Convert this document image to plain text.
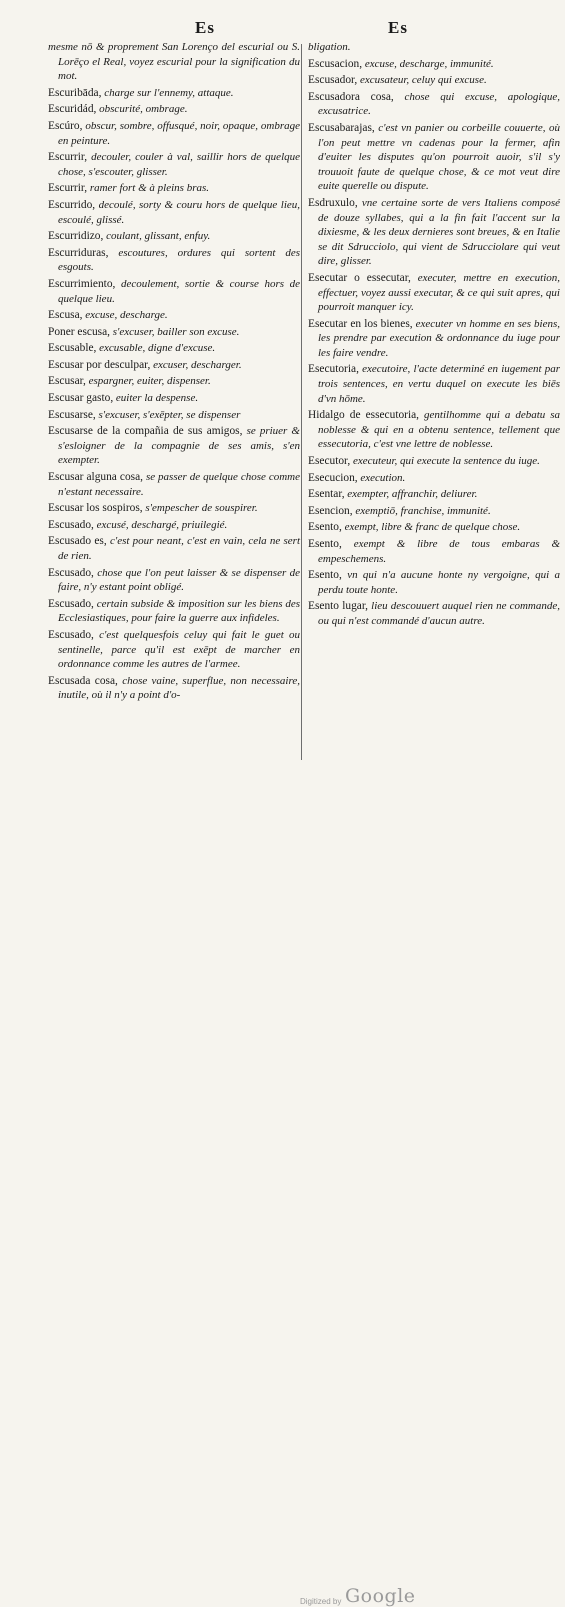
Es	Es

mesme nō & proprement San Lorenço del escurial ou S. Lorēço el Real, voyez escurial pour la signification du mot.

Escuribāda, charge sur l'ennemy, attaque.

Escuridád, obscurité, ombrage.

Escúro, obscur, sombre, offusqué, noir, opaque, ombrage en peinture.

Escurrir, decouler, couler à val, saillir hors de quelque chose, s'escouter, glisser.

Escurrir, ramer fort & à pleins bras.

Escurrido, decoulé, sorty & couru hors de quelque lieu, escoulé, glissé.

Escurridizo, coulant, glissant, enfuy.

Escurriduras, escoutures, ordures qui sortent des esgouts.

Escurrimiento, decoulement, sortie & course hors de quelque lieu.

Escusa, excuse, descharge.

Poner escusa, s'excuser, bailler son excuse.

Escusable, excusable, digne d'excuse.

Escusar por desculpar, excuser, descharger.

Escusar, espargner, euiter, dispenser.

Escusar gasto, euiter la despense.

Escusarse, s'excuser, s'exēpter, se dispenser

Escusarse de la compañia de sus amigos, se priuer & s'esloigner de la compagnie de ses amis, s'en exempter.

Escusar alguna cosa, se passer de quelque chose comme n'estant necessaire.

Escusar los sospiros, s'empescher de souspirer.

Escusado, excusé, deschargé, priuilegié.

Escusado es, c'est pour neant, c'est en vain, cela ne sert de rien.

Escusado, chose que l'on peut laisser & se dispenser de faire, n'y estant point obligé.

Escusado, certain subside & imposition sur les biens des Ecclesiastiques, pour faire la guerre aux infideles.

Escusado, c'est quelquesfois celuy qui fait le guet ou sentinelle, parce qu'il est exēpt de marcher en ordonnance comme les autres de l'armee.

Escusada cosa, chose vaine, superflue, non necessaire, inutile, où il n'y a point d'o-

bligation.

Escusacion, excuse, descharge, immunité.

Escusador, excusateur, celuy qui excuse.

Escusadora cosa, chose qui excuse, apologique, excusatrice.

Escusabarajas, c'est vn panier ou corbeille couuerte, où l'on peut mettre vn cadenas pour la fermer, afin d'euiter les disputes qu'on pourroit auoir, s'il s'y trouuoit faute de quelque chose, & ce mot veut dire euite querelle ou dispute.

Esdruxulo, vne certaine sorte de vers Italiens composé de douze syllabes, qui a la fin fait l'accent sur la dixiesme, & les deux dernieres sont breues, & en Italie se dit Sdrucciolo, qui vient de Sdrucciolare qui veut dire, glisser.

Esecutar o essecutar, executer, mettre en execution, effectuer, voyez aussi executar, & ce qui suit apres, qui pourroit manquer icy.

Esecutar en los bienes, executer vn homme en ses biens, les prendre par execution & ordonnance du iuge pour les faire vendre.

Esecutoria, executoire, l'acte determiné en iugement par trois sentences, en vertu duquel on execute les biēs d'vn hōme.

Hidalgo de essecutoria, gentilhomme qui a debatu sa noblesse & qui en a obtenu sentence, tellement que essecutoria, c'est vne lettre de noblesse.

Esecutor, executeur, qui execute la sentence du iuge.

Esecucion, execution.

Esentar, exempter, affranchir, deliurer.

Esencion, exemptiō, franchise, immunité.

Esento, exempt, libre & franc de quelque chose.

Esento, exempt & libre de tous embaras & empeschemens.

Esento, vn qui n'a aucune honte ny vergoigne, qui a perdu toute honte.

Esento lugar, lieu descouuert auquel rien ne commande, ou qui n'est commandé d'aucun autre.

Digitized by Google
